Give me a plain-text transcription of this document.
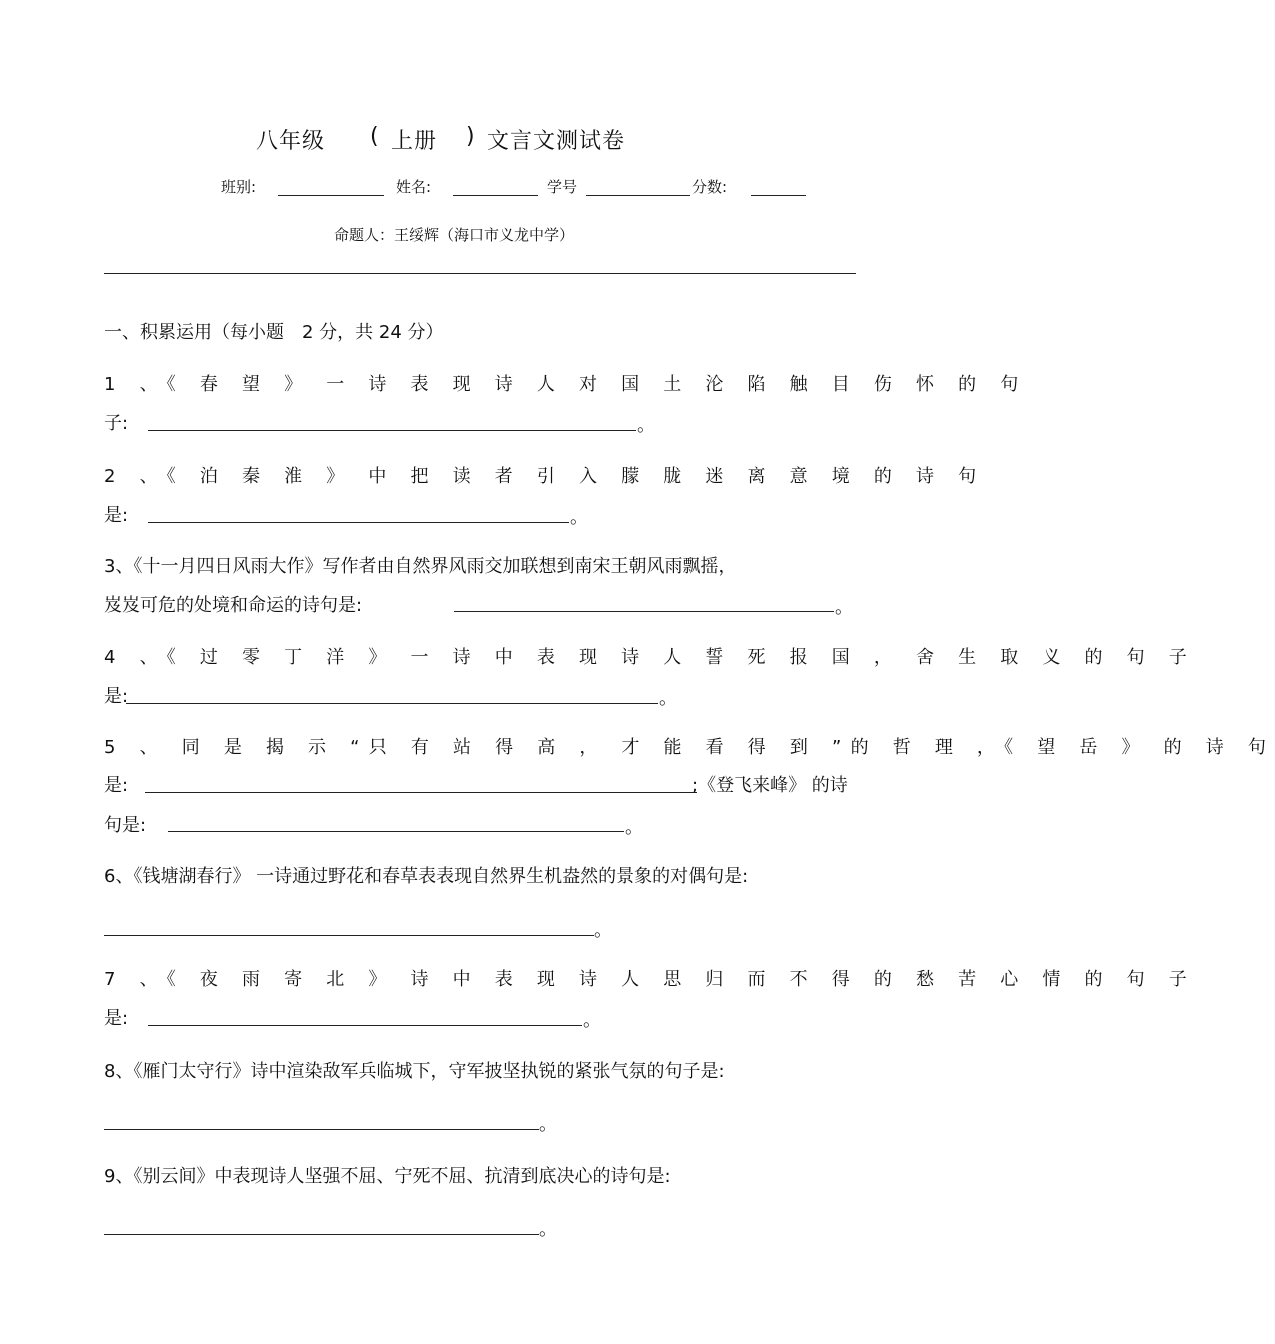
八年级 ( 上册 ) 文言文测试卷
班别:	姓名:	学号	分数:
命题人：王绥辉（海口市义龙中学）
一、积累运用（每小题　2 分，共 24 分）
1 、《 春 望 》 一 诗 表 现 诗 人 对 国 土 沦 陷 触 目 伤 怀 的 句
子:	。
2 、《 泊 秦 淮 》 中 把 读 者 引 入 朦 胧 迷 离 意 境 的 诗 句
是:	。
3、《十一月四日风雨大作》写作者由自然界风雨交加联想到南宋王朝风雨飘摇，
岌岌可危的处境和命运的诗句是:	。
4 、《 过 零 丁 洋 》 一 诗 中 表 现 诗 人 誓 死 报 国 ， 舍 生 取 义 的 句 子
是:	。
5 、 同 是 揭 示 “只 有 站 得 高 ， 才 能 看 得 到 ”的 哲 理 ，《 望 岳 》 的 诗 句
是:	;《登飞来峰》 的诗
句是:	。
6、《钱塘湖春行》 一诗通过野花和春草表表现自然界生机盎然的景象的对偶句是:
。
7 、《 夜 雨 寄 北 》 诗 中 表 现 诗 人 思 归 而 不 得 的 愁 苦 心 情 的 句 子
是:	。
8、《雁门太守行》诗中渲染敌军兵临城下，守军披坚执锐的紧张气氛的句子是:
。
9、《别云间》中表现诗人坚强不屈、宁死不屈、抗清到底决心的诗句是:
。
